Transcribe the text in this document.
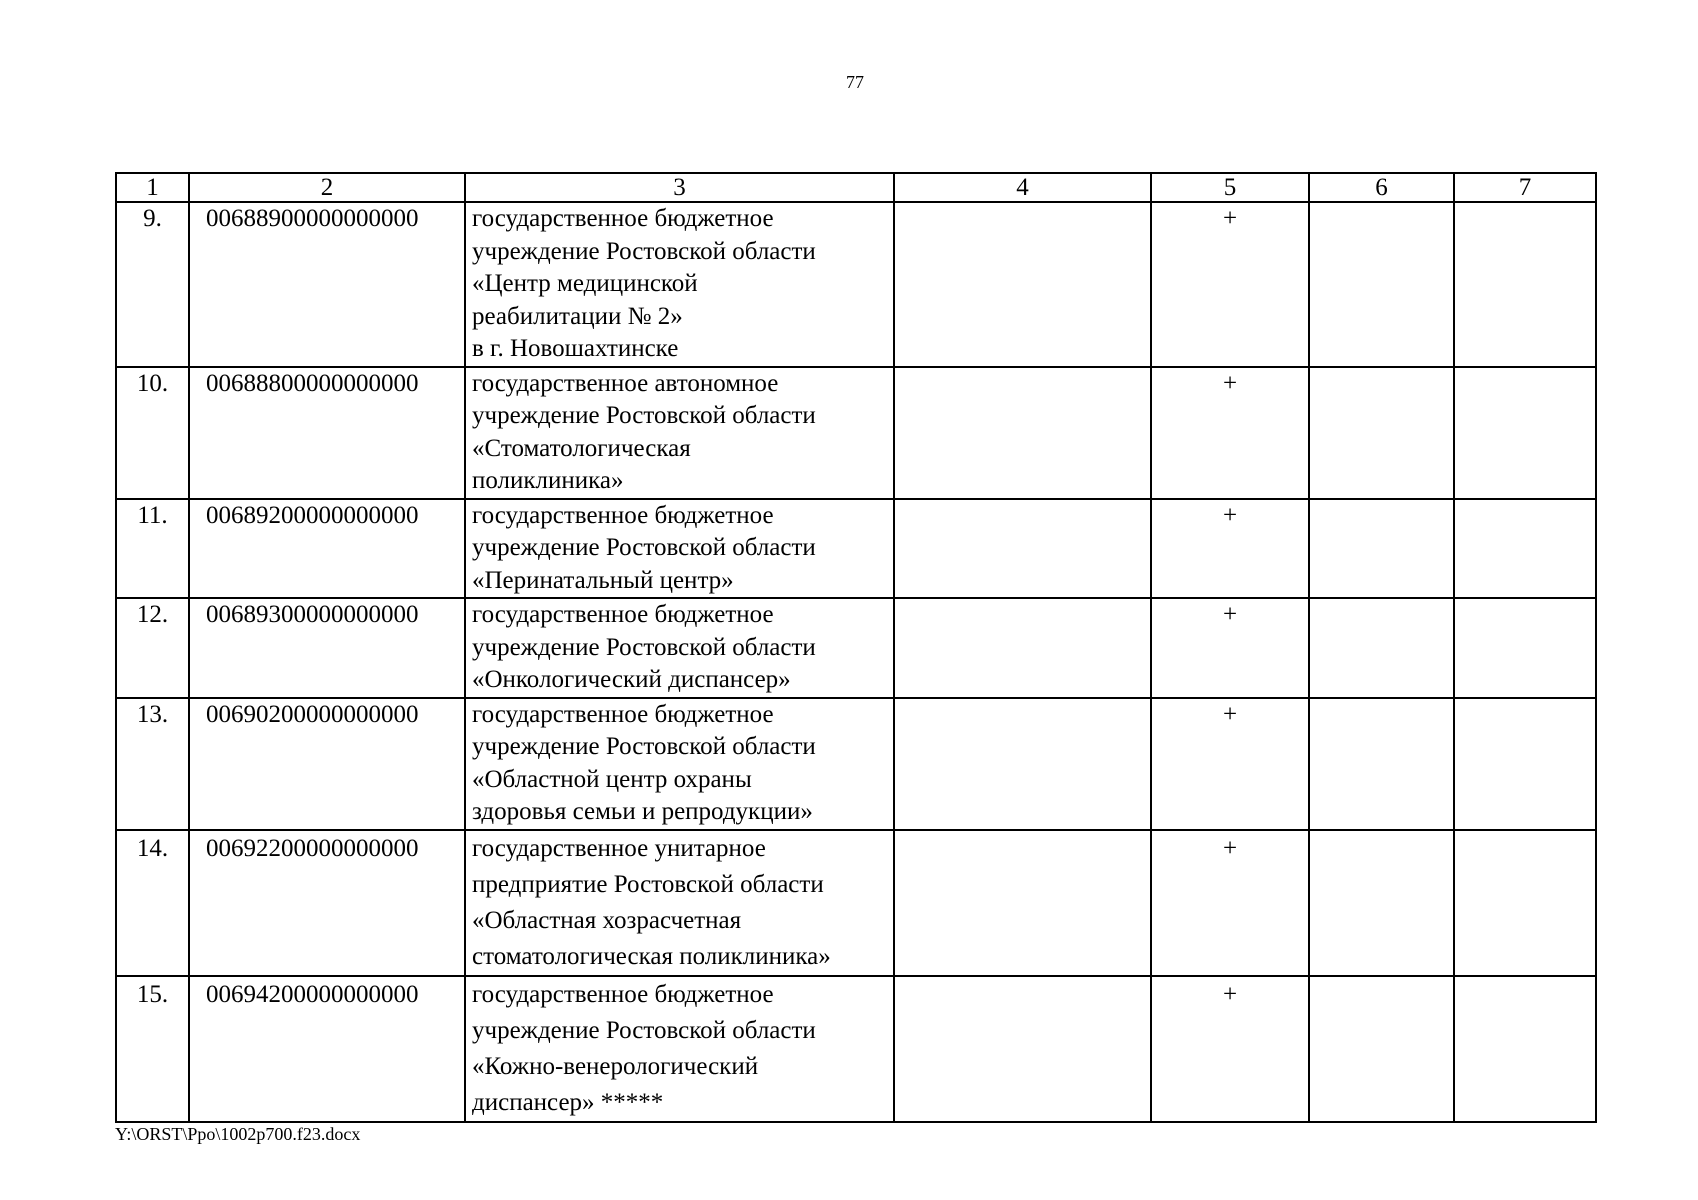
77
1	2	3	4	5	6	7
9.	00688900000000000	государственное бюджетное
учреждение Ростовской области
«Центр медицинской
реабилитации № 2»
в г. Новошахтинске		+		
10.	00688800000000000	государственное автономное
учреждение Ростовской области
«Стоматологическая
поликлиника»		+		
11.	00689200000000000	государственное бюджетное
учреждение Ростовской области
«Перинатальный центр»		+		
12.	00689300000000000	государственное бюджетное
учреждение Ростовской области
«Онкологический диспансер»		+		
13.	00690200000000000	государственное бюджетное
учреждение Ростовской области
«Областной центр охраны
здоровья семьи и репродукции»		+		
14.	00692200000000000	государственное унитарное
предприятие Ростовской области
«Областная хозрасчетная
стоматологическая поликлиника»		+		
15.	00694200000000000	государственное бюджетное
учреждение Ростовской области
«Кожно-венерологический
диспансер» *****		+		
Y:\ORST\Ppo\1002p700.f23.docx
